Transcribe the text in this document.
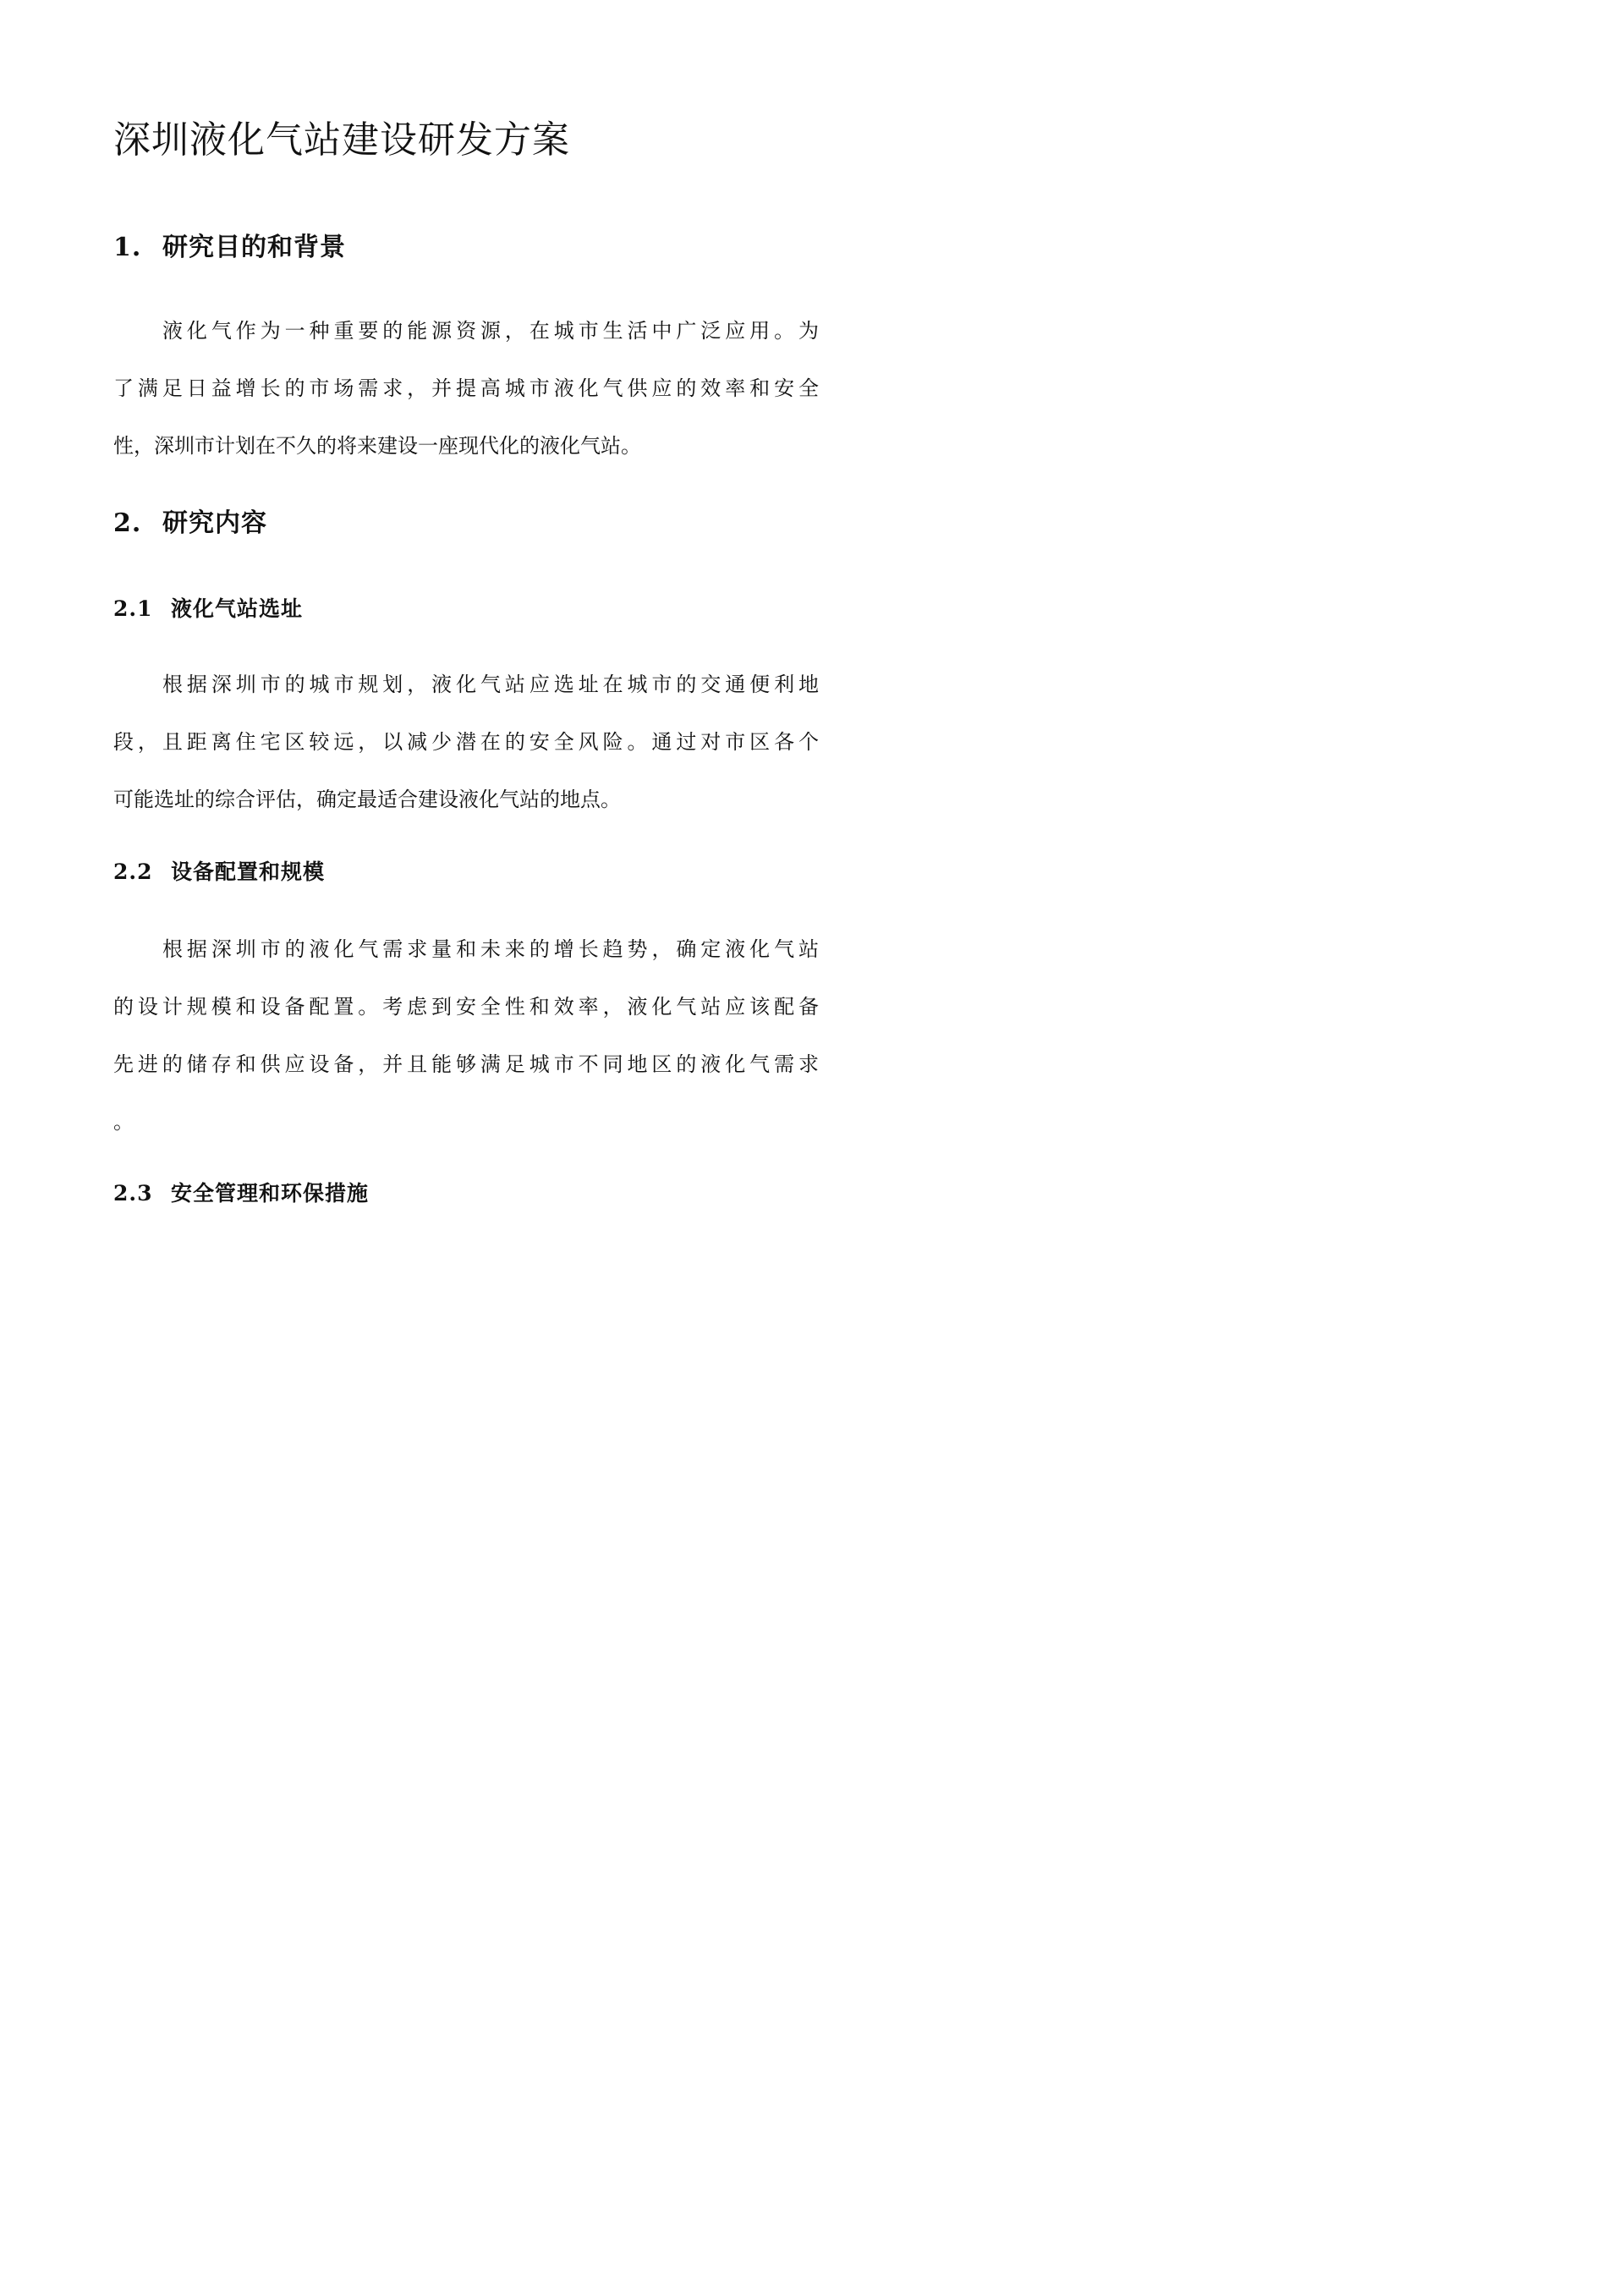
深圳液化气站建设研发方案
1. 研究目的和背景
液化气作为一种重要的能源资源，在城市生活中广泛应用。为
了满足日益增长的市场需求，并提高城市液化气供应的效率和安全
性，深圳市计划在不久的将来建设一座现代化的液化气站。
2. 研究内容
2.1 液化气站选址
根据深圳市的城市规划，液化气站应选址在城市的交通便利地
段，且距离住宅区较远，以减少潜在的安全风险。通过对市区各个
可能选址的综合评估，确定最适合建设液化气站的地点。
2.2 设备配置和规模
根据深圳市的液化气需求量和未来的增长趋势，确定液化气站
的设计规模和设备配置。考虑到安全性和效率，液化气站应该配备
先进的储存和供应设备，并且能够满足城市不同地区的液化气需求
。
2.3 安全管理和环保措施
